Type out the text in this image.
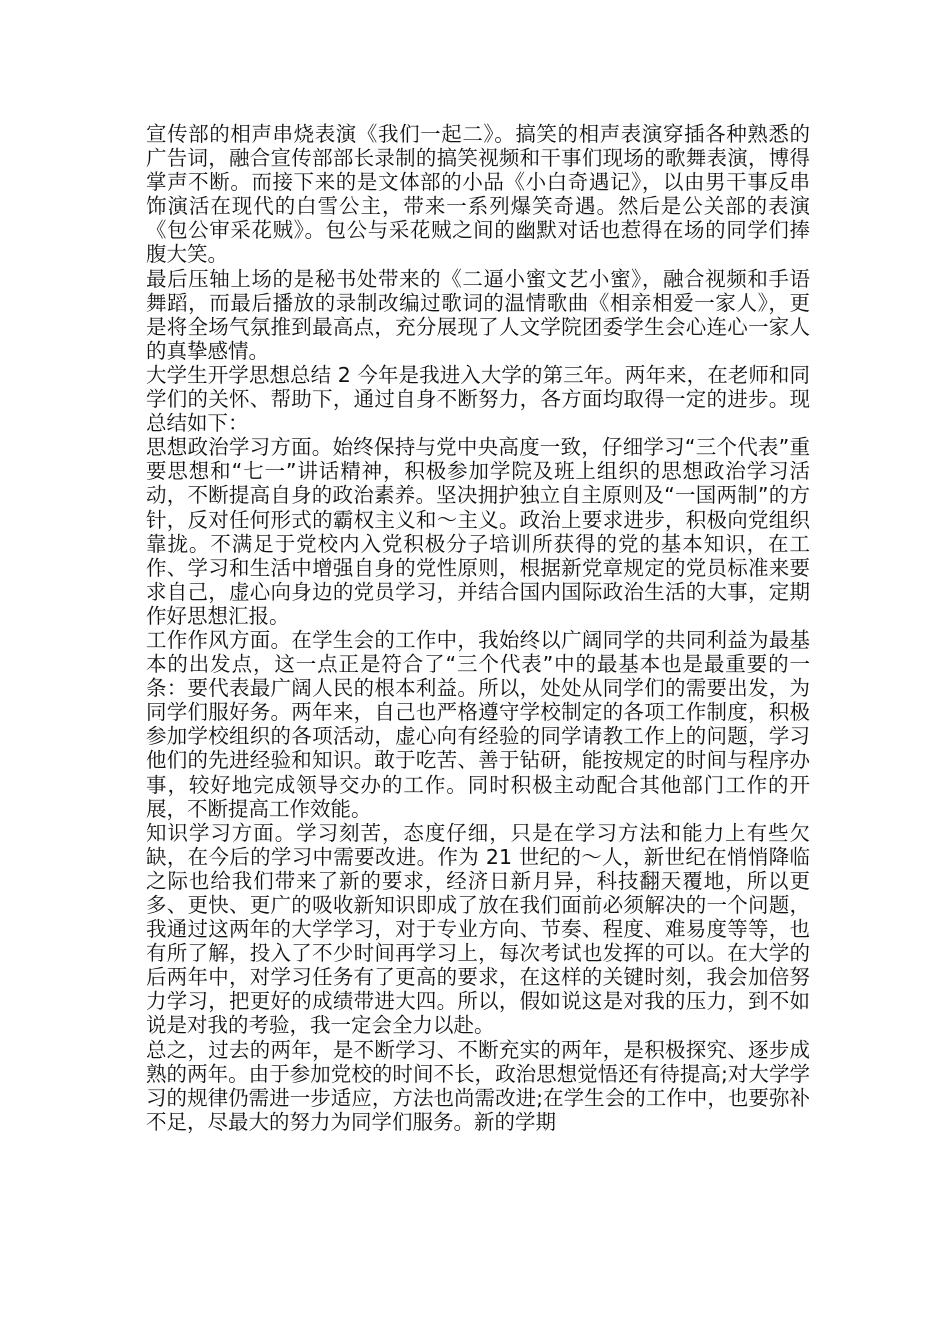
宣传部的相声串烧表演《我们一起二》。搞笑的相声表演穿插各种熟悉的广告词，融合宣传部部长录制的搞笑视频和干事们现场的歌舞表演，博得掌声不断。而接下来的是文体部的小品《小白奇遇记》，以由男干事反串饰演活在现代的白雪公主，带来一系列爆笑奇遇。然后是公关部的表演《包公审采花贼》。包公与采花贼之间的幽默对话也惹得在场的同学们捧腹大笑。

最后压轴上场的是秘书处带来的《二逼小蜜文艺小蜜》，融合视频和手语舞蹈，而最后播放的录制改编过歌词的温情歌曲《相亲相爱一家人》，更是将全场气氛推到最高点，充分展现了人文学院团委学生会心连心一家人的真挚感情。

大学生开学思想总结 2 今年是我进入大学的第三年。两年来，在老师和同学们的关怀、帮助下，通过自身不断努力，各方面均取得一定的进步。现总结如下：

思想政治学习方面。始终保持与党中央高度一致，仔细学习“三个代表”重要思想和“七一”讲话精神，积极参加学院及班上组织的思想政治学习活动，不断提高自身的政治素养。坚决拥护独立自主原则及“一国两制”的方针，反对任何形式的霸权主义和～主义。政治上要求进步，积极向党组织靠拢。不满足于党校内入党积极分子培训所获得的党的基本知识，在工作、学习和生活中增强自身的党性原则，根据新党章规定的党员标准来要求自己，虚心向身边的党员学习，并结合国内国际政治生活的大事，定期作好思想汇报。

工作作风方面。在学生会的工作中，我始终以广阔同学的共同利益为最基本的出发点，这一点正是符合了“三个代表”中的最基本也是最重要的一条：要代表最广阔人民的根本利益。所以，处处从同学们的需要出发，为同学们服好务。两年来，自己也严格遵守学校制定的各项工作制度，积极参加学校组织的各项活动，虚心向有经验的同学请教工作上的问题，学习他们的先进经验和知识。敢于吃苦、善于钻研，能按规定的时间与程序办事，较好地完成领导交办的工作。同时积极主动配合其他部门工作的开展，不断提高工作效能。

知识学习方面。学习刻苦，态度仔细，只是在学习方法和能力上有些欠缺，在今后的学习中需要改进。作为 21 世纪的～人，新世纪在悄悄降临之际也给我们带来了新的要求，经济日新月异，科技翻天覆地，所以更多、更快、更广的吸收新知识即成了放在我们面前必须解决的一个问题，我通过这两年的大学学习，对于专业方向、节奏、程度、难易度等等，也有所了解，投入了不少时间再学习上，每次考试也发挥的可以。在大学的后两年中，对学习任务有了更高的要求，在这样的关键时刻，我会加倍努力学习，把更好的成绩带进大四。所以，假如说这是对我的压力，到不如说是对我的考验，我一定会全力以赴。

总之，过去的两年，是不断学习、不断充实的两年，是积极探究、逐步成熟的两年。由于参加党校的时间不长，政治思想觉悟还有待提高;对大学学习的规律仍需进一步适应，方法也尚需改进;在学生会的工作中，也要弥补不足，尽最大的努力为同学们服务。新的学期
